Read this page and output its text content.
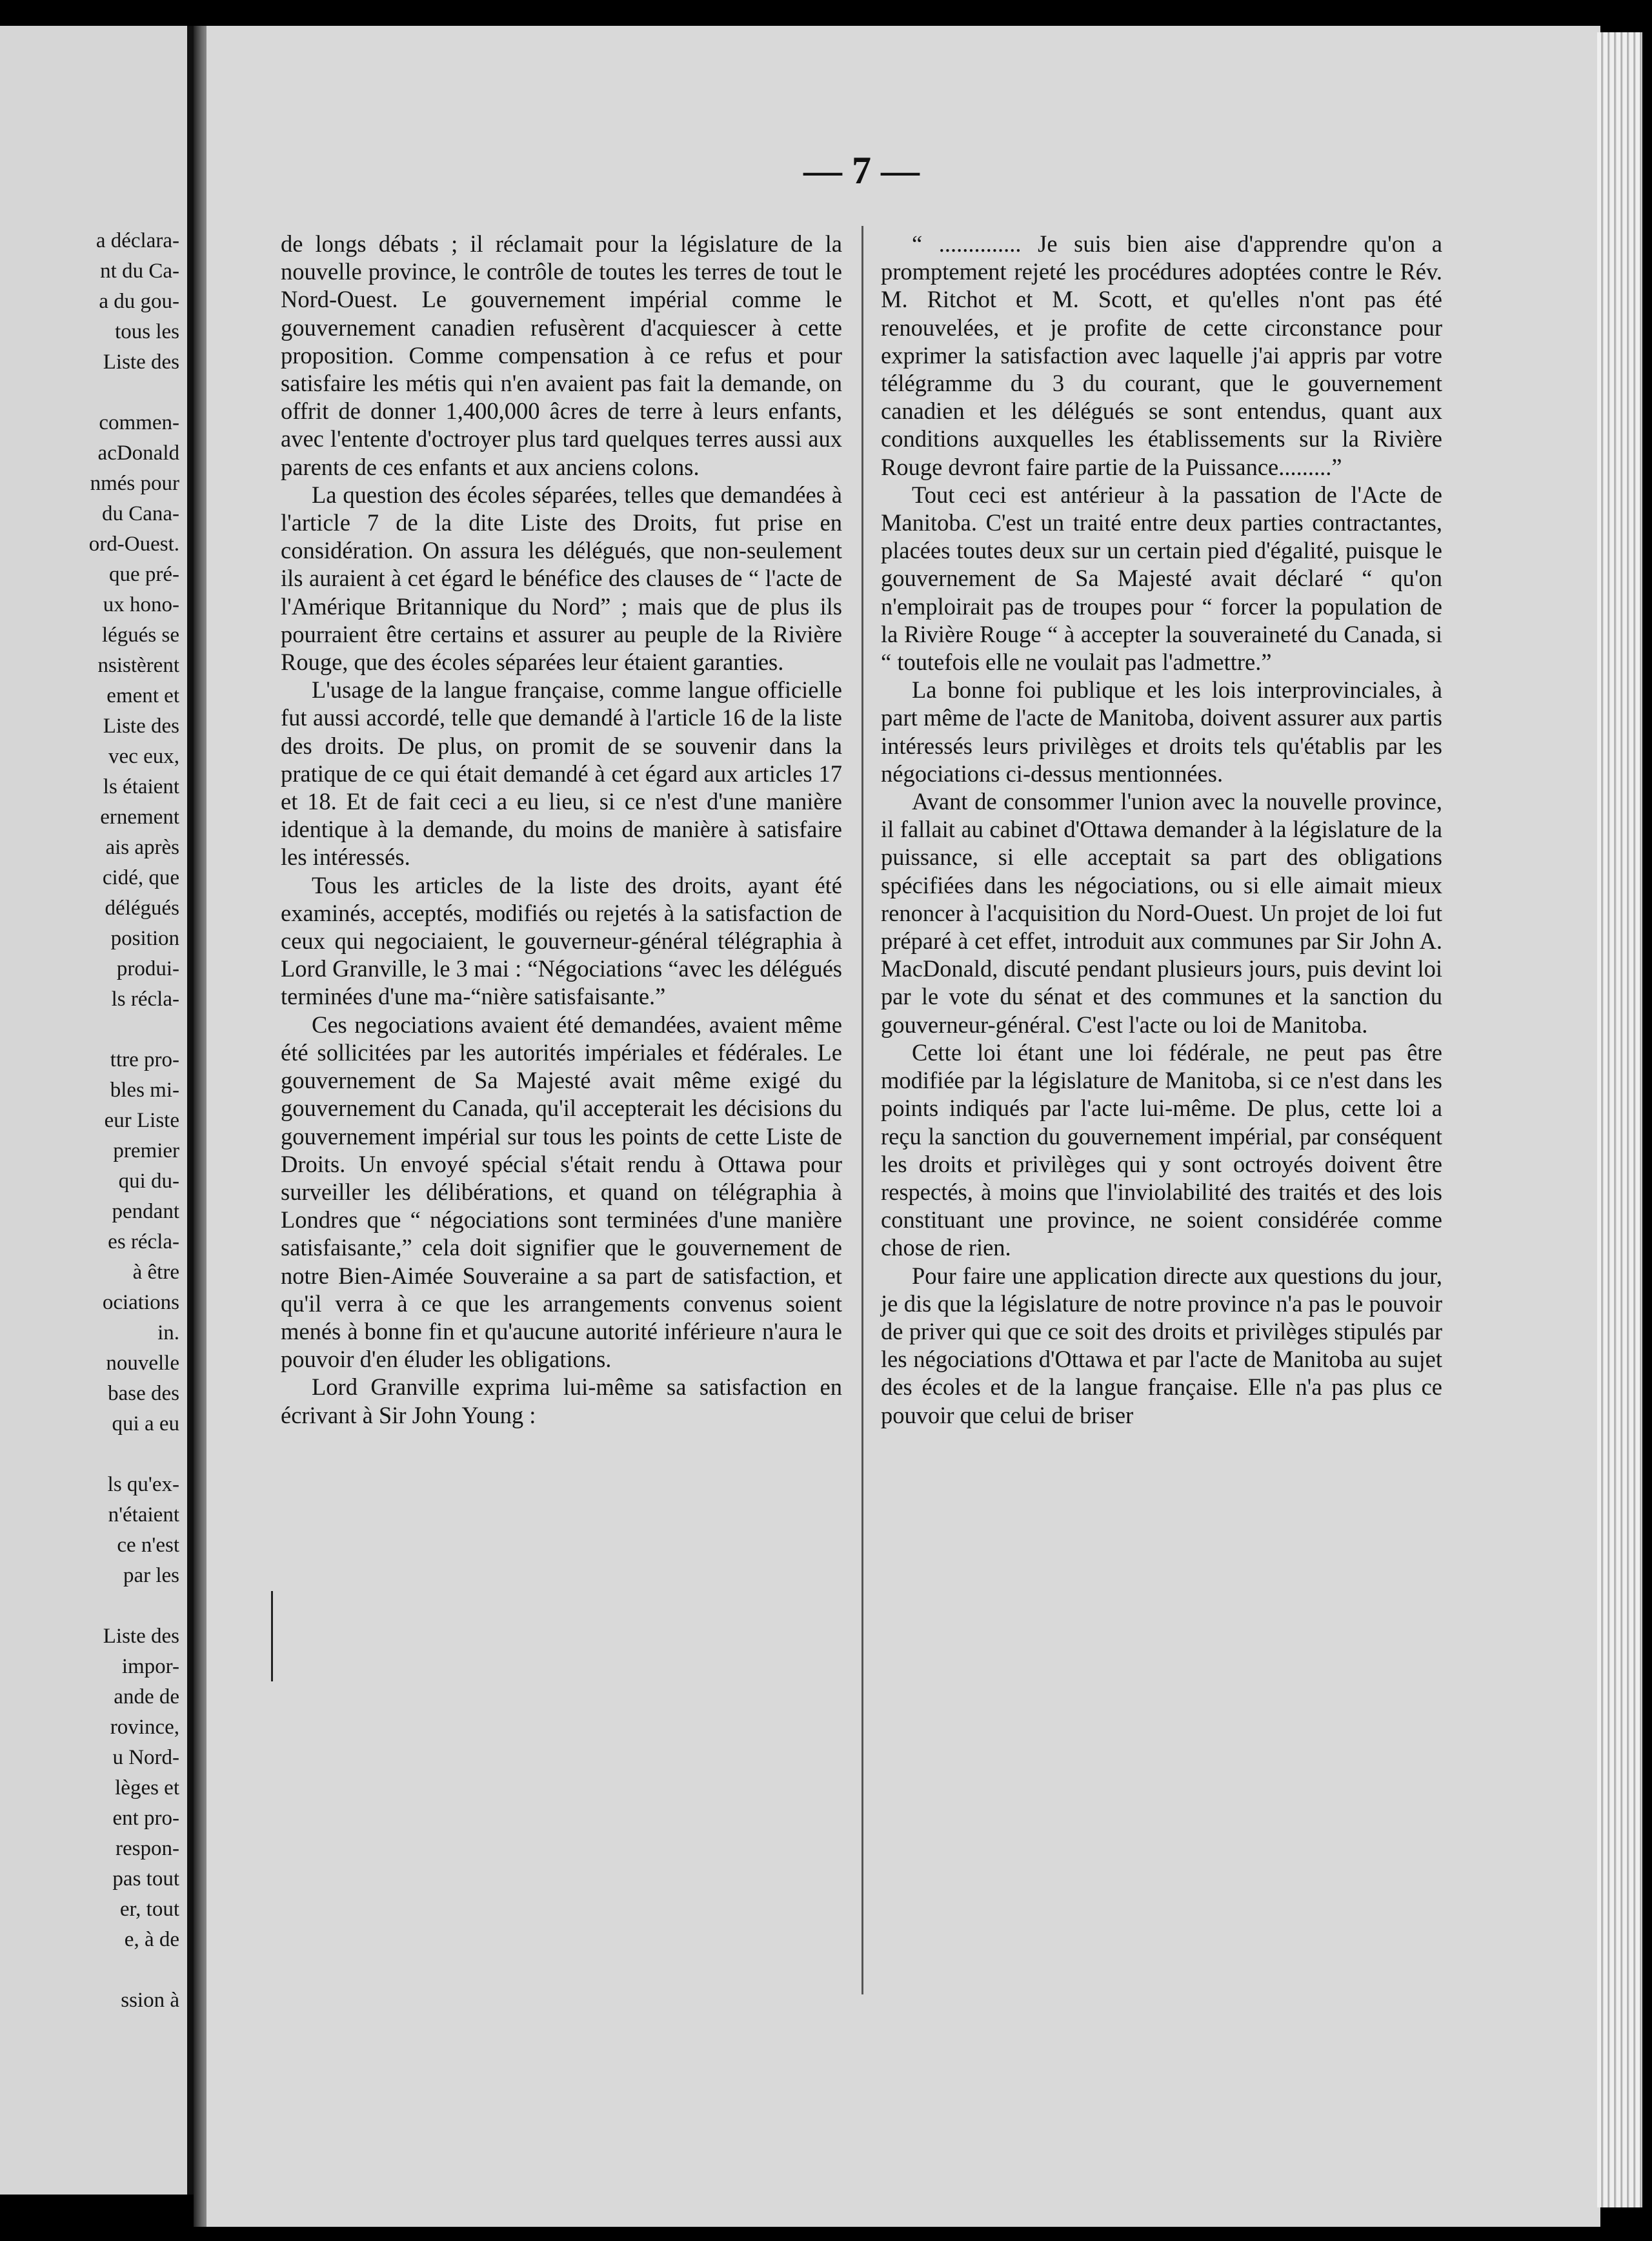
a déclara-
nt du Ca-
a du gou-
tous les
Liste des
commen-
acDonald
nmés pour
du Cana-
ord-Ouest.
que pré-
ux hono-
légués se
nsistèrent
ement et
Liste des
vec eux,
ls étaient
ernement
ais après
cidé, que
délégués
position
produi-
ls récla-
ttre pro-
bles mi-
eur Liste
premier
qui du-
pendant
es récla-
à être
ociations
in.
nouvelle
base des
qui a eu
ls qu'ex-
n'étaient
ce n'est
par les
Liste des
impor-
ande de
rovince,
u Nord-
lèges et
ent pro-
respon-
pas tout
er, tout
e, à de
ssion à
— 7 —

de longs débats ; il réclamait pour la législature de la nouvelle province, le contrôle de toutes les terres de tout le Nord-Ouest. Le gouvernement impérial comme le gouvernement canadien refusèrent d'acquiescer à cette proposition. Comme compensation à ce refus et pour satisfaire les métis qui n'en avaient pas fait la demande, on offrit de donner 1,400,000 âcres de terre à leurs enfants, avec l'entente d'octroyer plus tard quelques terres aussi aux parents de ces enfants et aux anciens colons.

La question des écoles séparées, telles que demandées à l'article 7 de la dite Liste des Droits, fut prise en considération. On assura les délégués, que non-seulement ils auraient à cet égard le bénéfice des clauses de “ l'acte de l'Amérique Britannique du Nord” ; mais que de plus ils pourraient être certains et assurer au peuple de la Rivière Rouge, que des écoles séparées leur étaient garanties.

L'usage de la langue française, comme langue officielle fut aussi accordé, telle que demandé à l'article 16 de la liste des droits. De plus, on promit de se souvenir dans la pratique de ce qui était demandé à cet égard aux articles 17 et 18. Et de fait ceci a eu lieu, si ce n'est d'une manière identique à la demande, du moins de manière à satisfaire les intéressés.

Tous les articles de la liste des droits, ayant été examinés, acceptés, modifiés ou rejetés à la satisfaction de ceux qui negociaient, le gouverneur-général télégraphia à Lord Granville, le 3 mai : “Négociations “avec les délégués terminées d'une ma-“nière satisfaisante.”

Ces negociations avaient été demandées, avaient même été sollicitées par les autorités impériales et fédérales. Le gouvernement de Sa Majesté avait même exigé du gouvernement du Canada, qu'il accepterait les décisions du gouvernement impérial sur tous les points de cette Liste de Droits. Un envoyé spécial s'était rendu à Ottawa pour surveiller les délibérations, et quand on télégraphia à Londres que “ négociations sont terminées d'une manière satisfaisante,” cela doit signifier que le gouvernement de notre Bien-Aimée Souveraine a sa part de satisfaction, et qu'il verra à ce que les arrangements convenus soient menés à bonne fin et qu'aucune autorité inférieure n'aura le pouvoir d'en éluder les obligations.

Lord Granville exprima lui-même sa satisfaction en écrivant à Sir John Young :

“ .............. Je suis bien aise d'apprendre qu'on a promptement rejeté les procédures adoptées contre le Rév. M. Ritchot et M. Scott, et qu'elles n'ont pas été renouvelées, et je profite de cette circonstance pour exprimer la satisfaction avec laquelle j'ai appris par votre télégramme du 3 du courant, que le gouvernement canadien et les délégués se sont entendus, quant aux conditions auxquelles les établissements sur la Rivière Rouge devront faire partie de la Puissance.........”

Tout ceci est antérieur à la passation de l'Acte de Manitoba. C'est un traité entre deux parties contractantes, placées toutes deux sur un certain pied d'égalité, puisque le gouvernement de Sa Majesté avait déclaré “ qu'on n'emploirait pas de troupes pour “ forcer la population de la Rivière Rouge “ à accepter la souveraineté du Canada, si “ toutefois elle ne voulait pas l'admettre.”

La bonne foi publique et les lois interprovinciales, à part même de l'acte de Manitoba, doivent assurer aux partis intéressés leurs privilèges et droits tels qu'établis par les négociations ci-dessus mentionnées.

Avant de consommer l'union avec la nouvelle province, il fallait au cabinet d'Ottawa demander à la législature de la puissance, si elle acceptait sa part des obligations spécifiées dans les négociations, ou si elle aimait mieux renoncer à l'acquisition du Nord-Ouest. Un projet de loi fut préparé à cet effet, introduit aux communes par Sir John A. MacDonald, discuté pendant plusieurs jours, puis devint loi par le vote du sénat et des communes et la sanction du gouverneur-général. C'est l'acte ou loi de Manitoba.

Cette loi étant une loi fédérale, ne peut pas être modifiée par la législature de Manitoba, si ce n'est dans les points indiqués par l'acte lui-même. De plus, cette loi a reçu la sanction du gouvernement impérial, par conséquent les droits et privilèges qui y sont octroyés doivent être respectés, à moins que l'inviolabilité des traités et des lois constituant une province, ne soient considérée comme chose de rien.

Pour faire une application directe aux questions du jour, je dis que la législature de notre province n'a pas le pouvoir de priver qui que ce soit des droits et privilèges stipulés par les négociations d'Ottawa et par l'acte de Manitoba au sujet des écoles et de la langue française. Elle n'a pas plus ce pouvoir que celui de briser
